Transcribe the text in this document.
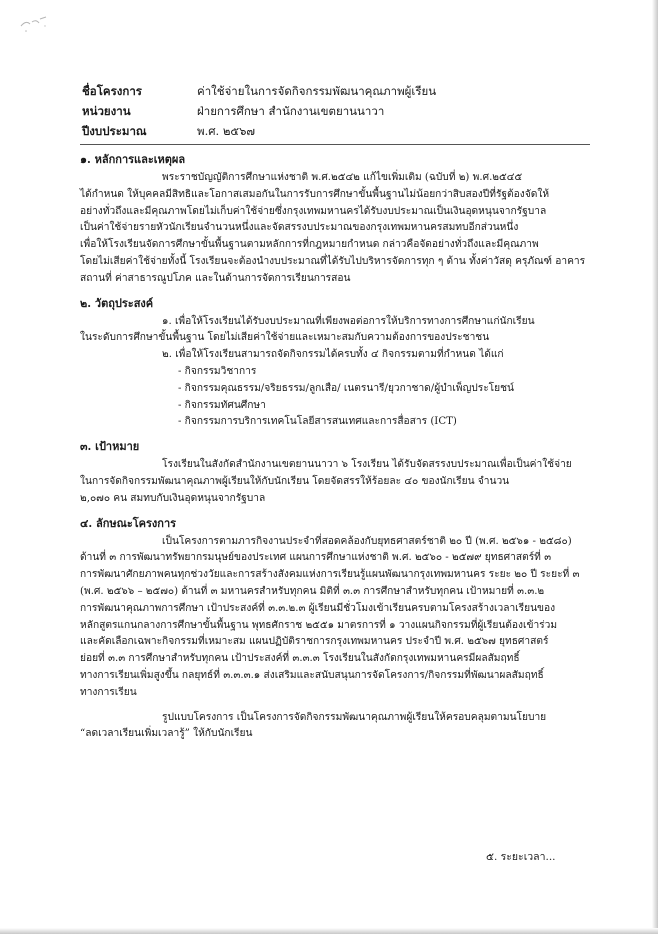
ชื่อโครงการ	ค่าใช้จ่ายในการจัดกิจกรรมพัฒนาคุณภาพผู้เรียน
หน่วยงาน	ฝ่ายการศึกษา สำนักงานเขตยานนาวา
ปีงบประมาณ	พ.ศ. ๒๕๖๗

๑. หลักการและเหตุผล

พระราชบัญญัติการศึกษาแห่งชาติ พ.ศ.๒๕๔๒ แก้ไขเพิ่มเติม (ฉบับที่ ๒) พ.ศ.๒๕๔๕

ได้กำหนด ให้บุคคลมีสิทธิและโอกาสเสมอกันในการรับการศึกษาขั้นพื้นฐานไม่น้อยกว่าสิบสองปีที่รัฐต้องจัดให้

อย่างทั่วถึงและมีคุณภาพโดยไม่เก็บค่าใช้จ่ายซึ่งกรุงเทพมหานครได้รับงบประมาณเป็นเงินอุดหนุนจากรัฐบาล

เป็นค่าใช้จ่ายรายหัวนักเรียนจำนวนหนึ่งและจัดสรรงบประมาณของกรุงเทพมหานครสมทบอีกส่วนหนึ่ง

เพื่อให้โรงเรียนจัดการศึกษาขั้นพื้นฐานตามหลักการที่กฎหมายกำหนด กล่าวคือจัดอย่างทั่วถึงและมีคุณภาพ

โดยไม่เสียค่าใช้จ่ายทั้งนี้ โรงเรียนจะต้องนำงบประมาณที่ได้รับไปบริหารจัดการทุก ๆ ด้าน ทั้งค่าวัสดุ ครุภัณฑ์ อาคาร

สถานที่ ค่าสาธารณูปโภค และในด้านการจัดการเรียนการสอน

๒. วัตถุประสงค์

๑. เพื่อให้โรงเรียนได้รับงบประมาณที่เพียงพอต่อการให้บริการทางการศึกษาแก่นักเรียน

ในระดับการศึกษาขั้นพื้นฐาน โดยไม่เสียค่าใช้จ่ายและเหมาะสมกับความต้องการของประชาชน

๒. เพื่อให้โรงเรียนสามารถจัดกิจกรรมได้ครบทั้ง ๔ กิจกรรมตามที่กำหนด ได้แก่

- กิจกรรมวิชาการ

- กิจกรรมคุณธรรม/จริยธรรม/ลูกเสือ/ เนตรนารี/ยุวกาชาด/ผู้บำเพ็ญประโยชน์

- กิจกรรมทัศนศึกษา

- กิจกรรมการบริการเทคโนโลยีสารสนเทศและการสื่อสาร (ICT)

๓. เป้าหมาย

โรงเรียนในสังกัดสำนักงานเขตยานนาวา ๖ โรงเรียน ได้รับจัดสรรงบประมาณเพื่อเป็นค่าใช้จ่าย

ในการจัดกิจกรรมพัฒนาคุณภาพผู้เรียนให้กับนักเรียน โดยจัดสรรให้ร้อยละ ๔๐ ของนักเรียน จำนวน

๒,๐๗๐ คน สมทบกับเงินอุดหนุนจากรัฐบาล

๔. ลักษณะโครงการ

เป็นโครงการตามภารกิจงานประจำที่สอดคล้องกับยุทธศาสตร์ชาติ ๒๐ ปี (พ.ศ. ๒๕๖๑ - ๒๕๘๐)

ด้านที่ ๓ การพัฒนาทรัพยากรมนุษย์ของประเทศ แผนการศึกษาแห่งชาติ พ.ศ. ๒๕๖๐ - ๒๕๗๙ ยุทธศาสตร์ที่ ๓

การพัฒนาศักยภาพคนทุกช่วงวัยและการสร้างสังคมแห่งการเรียนรู้แผนพัฒนากรุงเทพมหานคร ระยะ ๒๐ ปี ระยะที่ ๓

(พ.ศ. ๒๕๖๖ – ๒๕๗๐) ด้านที่ ๓ มหานครสำหรับทุกคน มิติที่ ๓.๓ การศึกษาสำหรับทุกคน เป้าหมายที่ ๓.๓.๒

การพัฒนาคุณภาพการศึกษา เป้าประสงค์ที่ ๓.๓.๒.๓ ผู้เรียนมีชั่วโมงเข้าเรียนครบตามโครงสร้างเวลาเรียนของ

หลักสูตรแกนกลางการศึกษาขั้นพื้นฐาน พุทธศักราช ๒๕๕๑ มาตรการที่ ๑ วางแผนกิจกรรมที่ผู้เรียนต้องเข้าร่วม

และคัดเลือกเฉพาะกิจกรรมที่เหมาะสม แผนปฏิบัติราชการกรุงเทพมหานคร ประจำปี พ.ศ. ๒๕๖๗ ยุทธศาสตร์

ย่อยที่ ๓.๓ การศึกษาสำหรับทุกคน เป้าประสงค์ที่ ๓.๓.๓ โรงเรียนในสังกัดกรุงเทพมหานครมีผลสัมฤทธิ์

ทางการเรียนเพิ่มสูงขึ้น กลยุทธ์ที่ ๓.๓.๓.๑ ส่งเสริมและสนับสนุนการจัดโครงการ/กิจกรรมที่พัฒนาผลสัมฤทธิ์

ทางการเรียน

รูปแบบโครงการ เป็นโครงการจัดกิจกรรมพัฒนาคุณภาพผู้เรียนให้ครอบคลุมตามนโยบาย

“ลดเวลาเรียนเพิ่มเวลารู้” ให้กับนักเรียน

๕. ระยะเวลา...
